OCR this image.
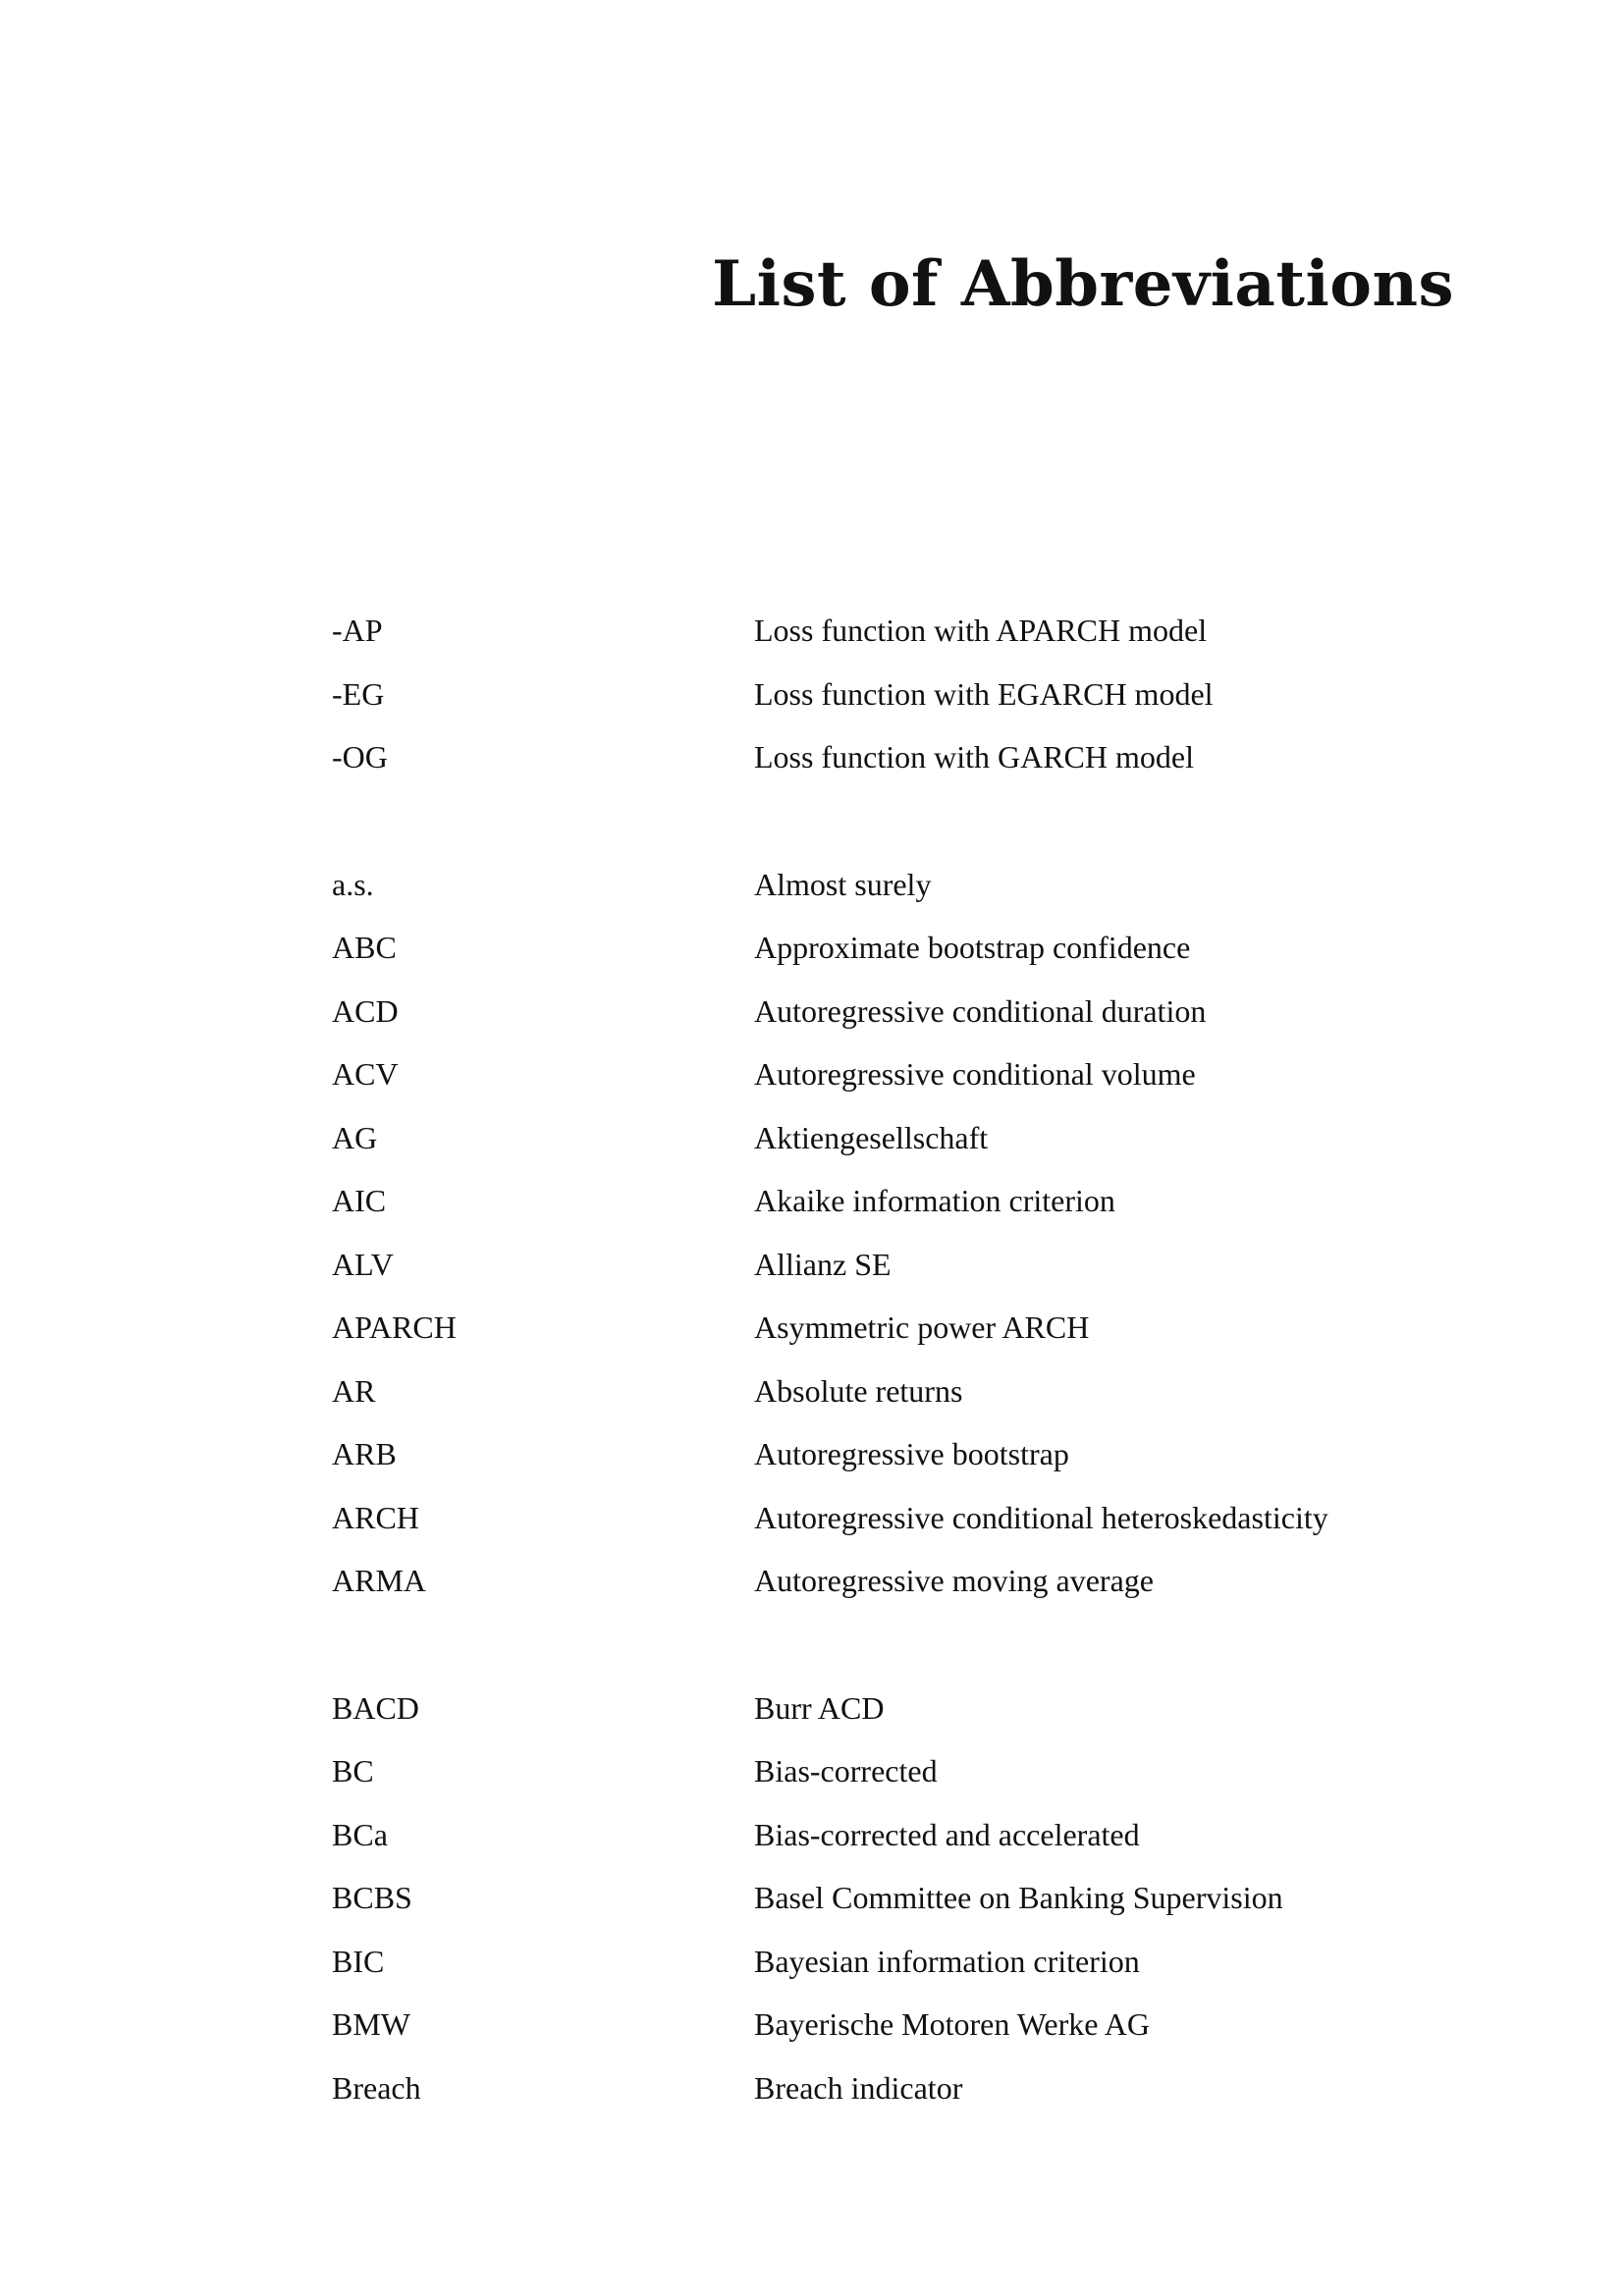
List of Abbreviations
-AP	Loss function with APARCH model
-EG	Loss function with EGARCH model
-OG	Loss function with GARCH model
a.s.	Almost surely
ABC	Approximate bootstrap confidence
ACD	Autoregressive conditional duration
ACV	Autoregressive conditional volume
AG	Aktiengesellschaft
AIC	Akaike information criterion
ALV	Allianz SE
APARCH	Asymmetric power ARCH
AR	Absolute returns
ARB	Autoregressive bootstrap
ARCH	Autoregressive conditional heteroskedasticity
ARMA	Autoregressive moving average
BACD	Burr ACD
BC	Bias-corrected
BCa	Bias-corrected and accelerated
BCBS	Basel Committee on Banking Supervision
BIC	Bayesian information criterion
BMW	Bayerische Motoren Werke AG
Breach	Breach indicator
